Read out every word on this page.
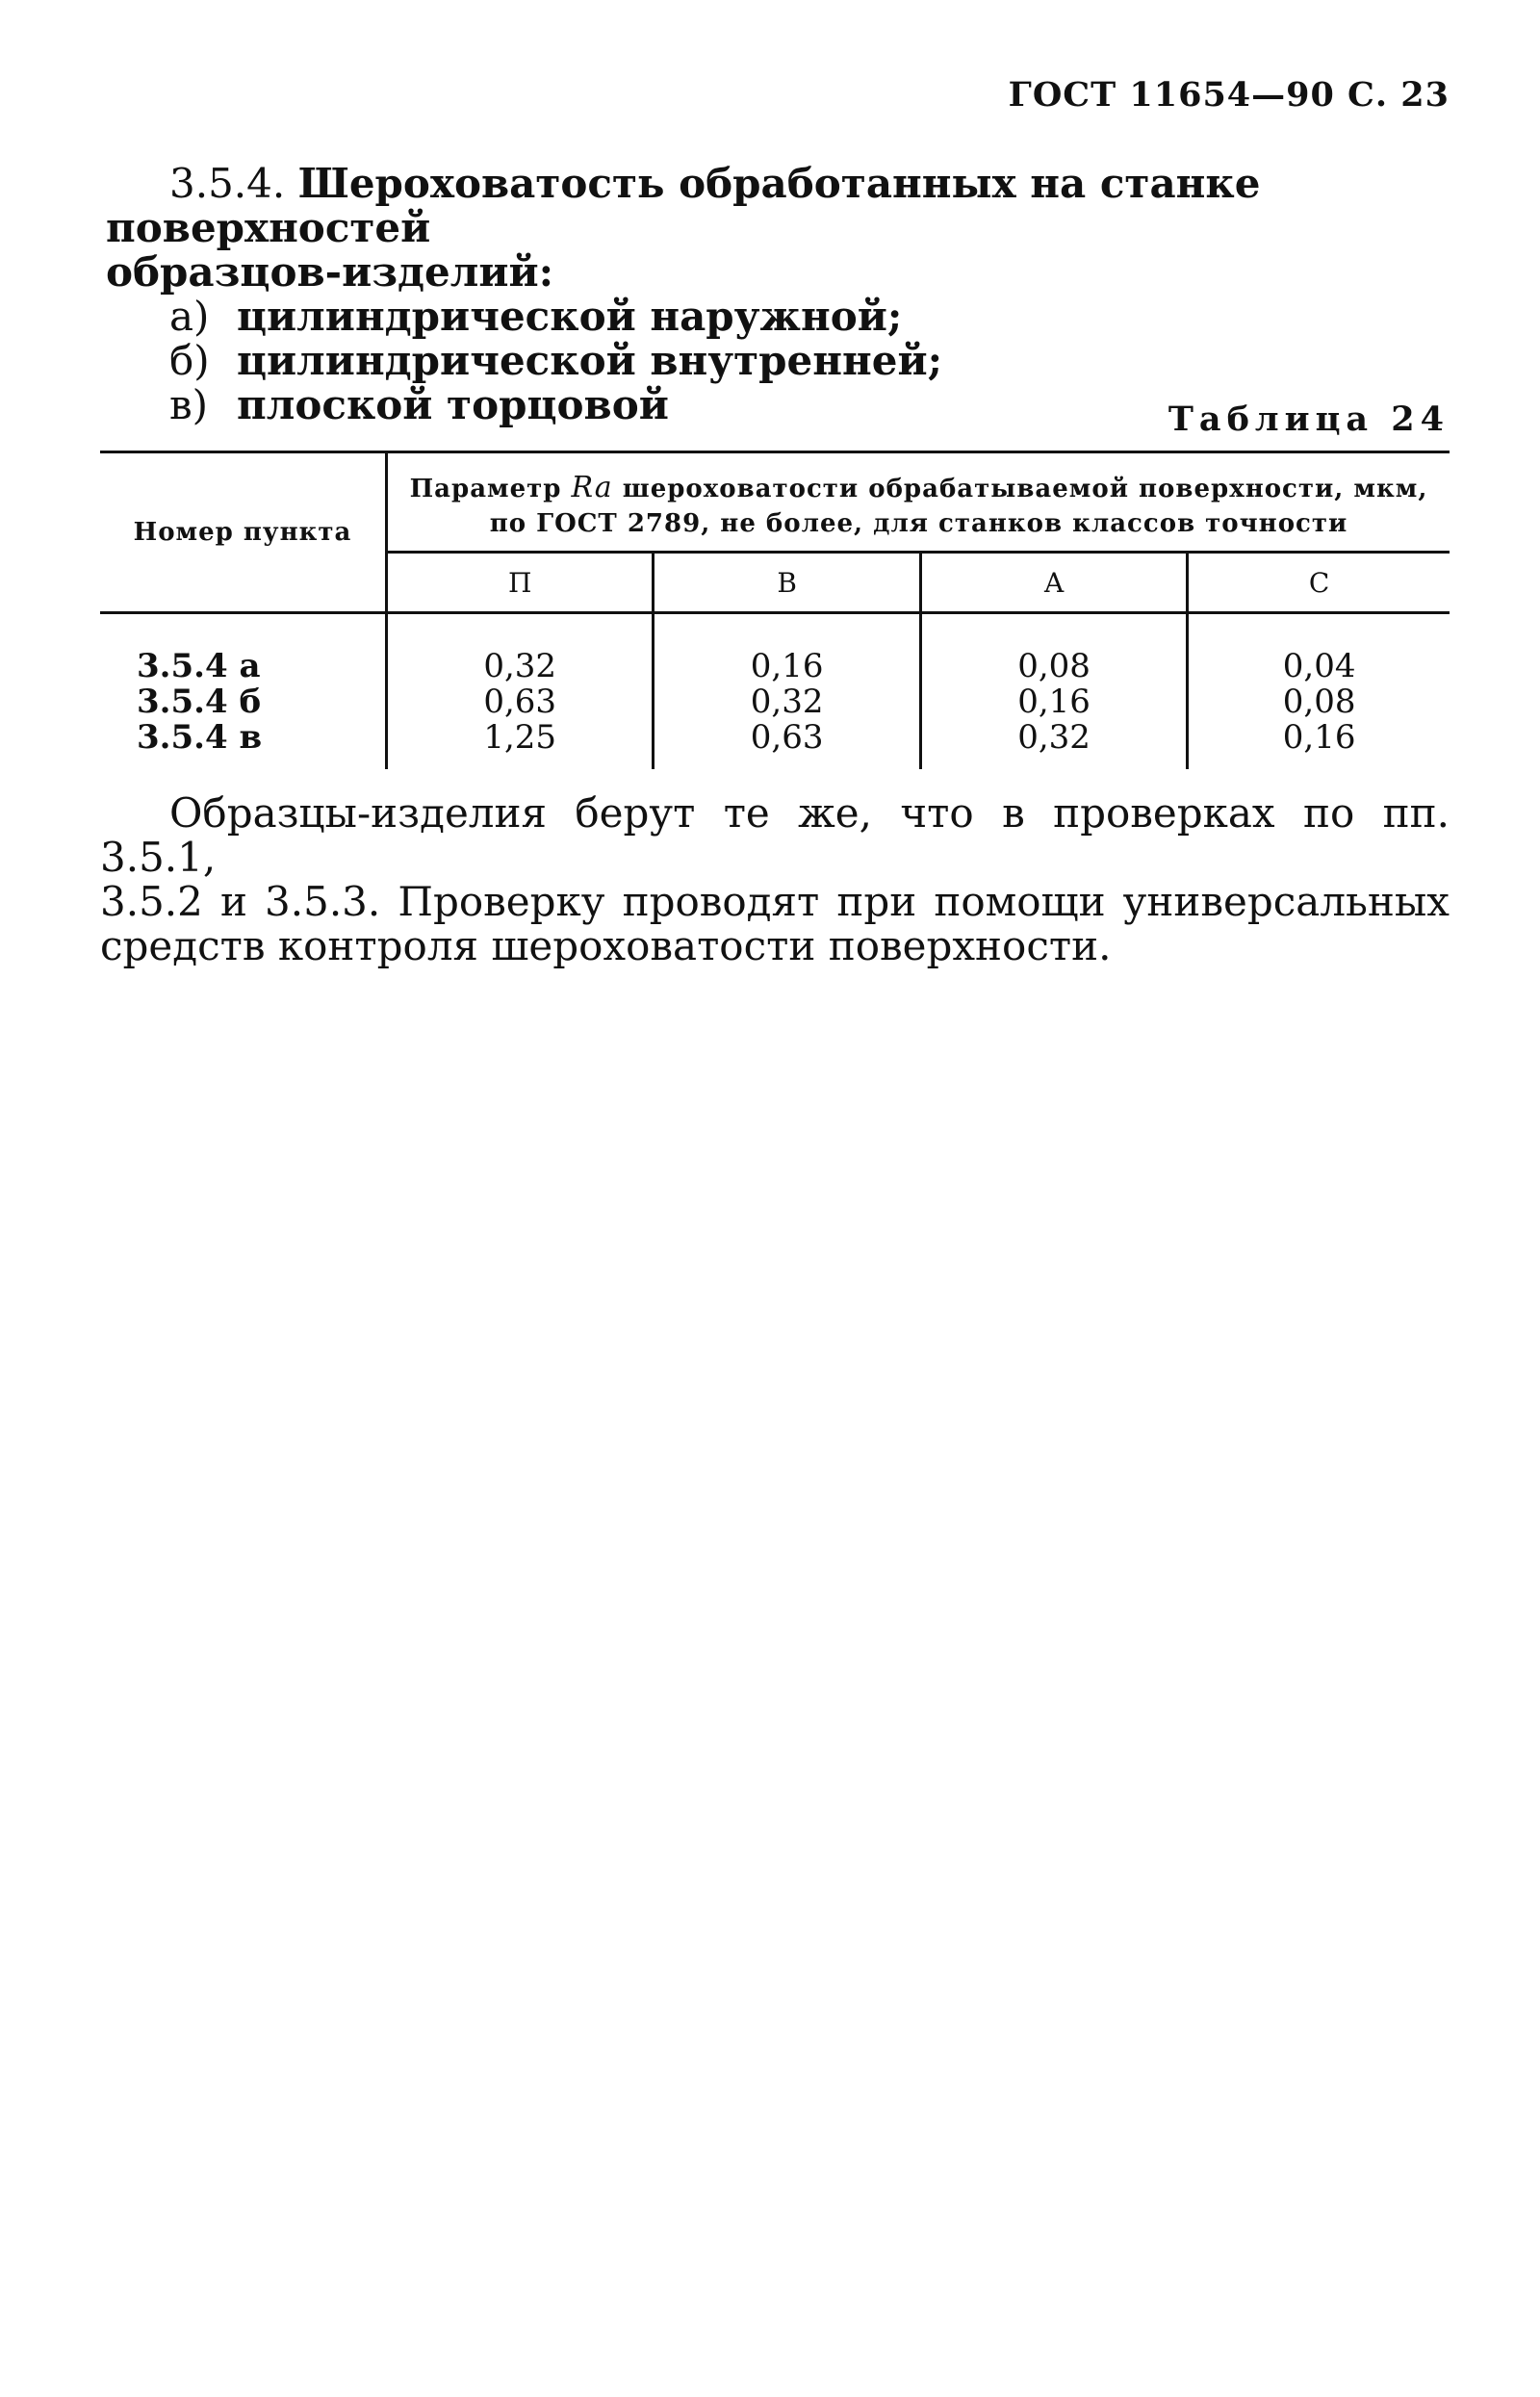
ГОСТ 11654—90 С. 23
3.5.4. Шероховатость обработанных на станке поверхностей
образцов-изделий:
а) цилиндрической наружной;
б) цилиндрической внутренней;
в) плоской торцовой	Таблица 24
Номер пункта	Параметр Ra шероховатости обрабатываемой поверхности, мкм,
по ГОСТ 2789, не более, для станков классов точности			
	П	В	А	С

3.5.4 а	0,32	0,16	0,08	0,04
3.5.4 б	0,63	0,32	0,16	0,08
3.5.4 в	1,25	0,63	0,32	0,16

Образцы-изделия берут те же, что в проверках по пп. 3.5.1,
3.5.2 и 3.5.3. Проверку проводят при помощи универсальных
средств контроля шероховатости поверхности.
